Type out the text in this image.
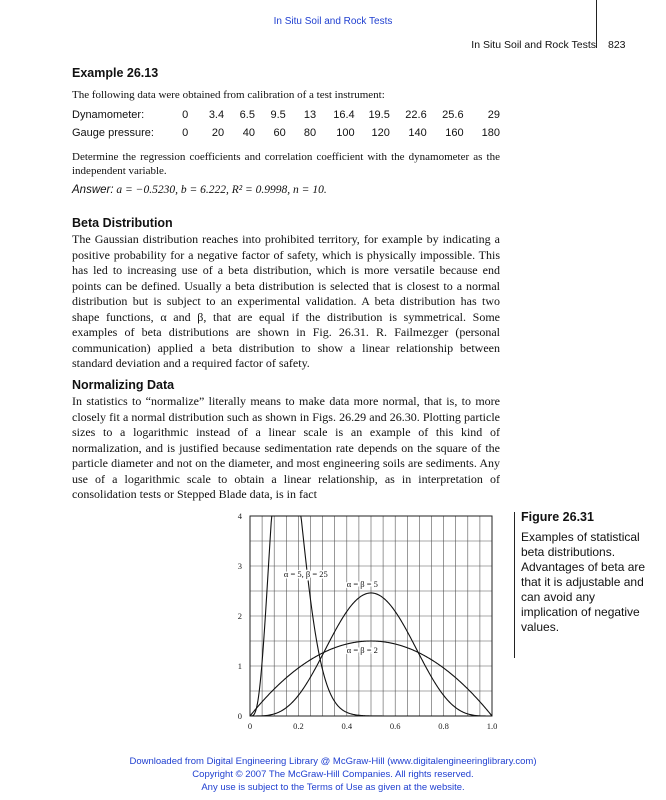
In Situ Soil and Rock Tests
In Situ Soil and Rock Tests 823
Example 26.13
The following data were obtained from calibration of a test instrument:
Dynamometer:	0	3.4	6.5	9.5	13	16.4	19.5	22.6	25.6	29
Gauge pressure:	0	20	40	60	80	100	120	140	160	180
Determine the regression coefficients and correlation coefficient with the dynamometer as the independent variable.
Answer: a = −0.5230, b = 6.222, R² = 0.9998, n = 10.
Beta Distribution
The Gaussian distribution reaches into prohibited territory, for example by indicating a positive probability for a negative factor of safety, which is physically impossible. This has led to increasing use of a beta distribution, which is more versatile because end points can be defined. Usually a beta distribution is selected that is closest to a normal distribution but is subject to an experimental validation. A beta distribution has two shape functions, α and β, that are equal if the distribution is symmetrical. Some examples of beta distributions are shown in Fig. 26.31. R. Failmezger (personal communication) applied a beta distribution to show a linear relationship between standard deviation and a required factor of safety.
Normalizing Data
In statistics to “normalize” literally means to make data more normal, that is, to more closely fit a normal distribution such as shown in Figs. 26.29 and 26.30. Plotting particle sizes to a logarithmic instead of a linear scale is an example of this kind of normalization, and is justified because sedimentation rate depends on the square of the particle diameter and not on the diameter, and most engineering soils are sediments. Any use of a logarithmic scale to obtain a linear relationship, as in interpretation of consolidation tests or Stepped Blade data, is in fact
0	0.2	0.4	0.6	0.8	1.0
0
1
2
3
4
α = 5, β = 25
α = β = 5
α = β = 2
Figure 26.31
Examples of statistical beta distributions. Advantages of beta are that it is adjustable and can avoid any implication of negative values.
Downloaded from Digital Engineering Library @ McGraw-Hill (www.digitalengineeringlibrary.com)
Copyright © 2007 The McGraw-Hill Companies. All rights reserved.
Any use is subject to the Terms of Use as given at the website.
